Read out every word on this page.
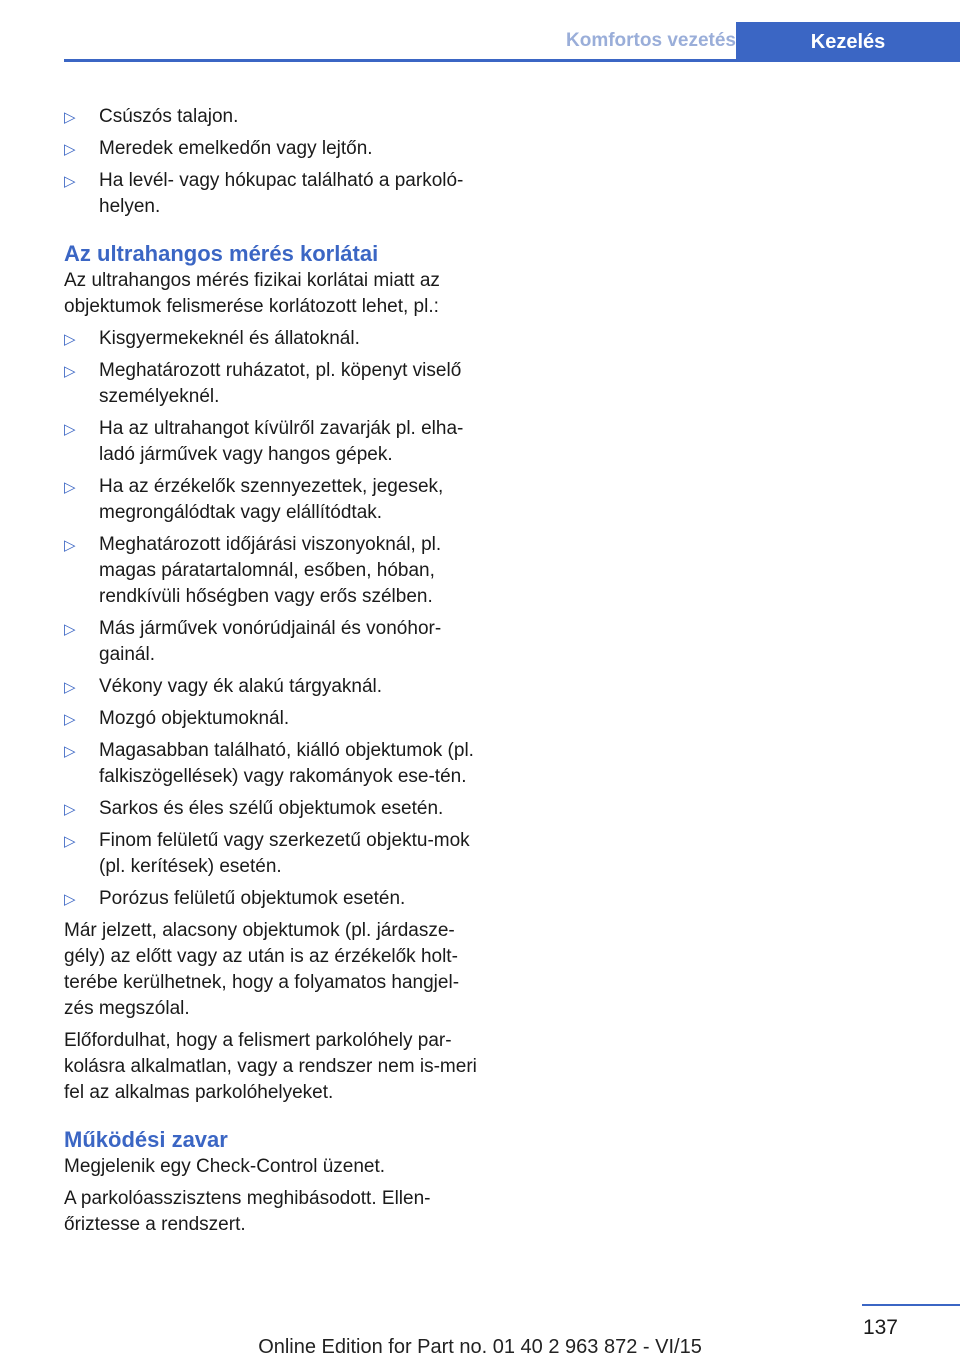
Komfortos vezetés	Kezelés
▷ Csúszós talajon.
▷ Meredek emelkedőn vagy lejtőn.
▷ Ha levél- vagy hókupac található a parkoló-helyen.
Az ultrahangos mérés korlátai

Az ultrahangos mérés fizikai korlátai miatt az objektumok felismerése korlátozott lehet, pl.:

▷ Kisgyermekeknél és állatoknál.
▷ Meghatározott ruházatot, pl. köpenyt viselő személyeknél.
▷ Ha az ultrahangot kívülről zavarják pl. elha-ladó járművek vagy hangos gépek.
▷ Ha az érzékelők szennyezettek, jegesek, megrongálódtak vagy elállítódtak.
▷ Meghatározott időjárási viszonyoknál, pl. magas páratartalomnál, esőben, hóban, rendkívüli hőségben vagy erős szélben.
▷ Más járművek vonórúdjainál és vonóhor-gainál.
▷ Vékony vagy ék alakú tárgyaknál.
▷ Mozgó objektumoknál.
▷ Magasabban található, kiálló objektumok (pl. falkiszögellések) vagy rakományok ese-tén.
▷ Sarkos és éles szélű objektumok esetén.
▷ Finom felületű vagy szerkezetű objektu-mok (pl. kerítések) esetén.
▷ Porózus felületű objektumok esetén.

Már jelzett, alacsony objektumok (pl. járdasze-gély) az előtt vagy az után is az érzékelők holt-terébe kerülhetnek, hogy a folyamatos hangjel-zés megszólal.

Előfordulhat, hogy a felismert parkolóhely par-kolásra alkalmatlan, vagy a rendszer nem is-meri fel az alkalmas parkolóhelyeket.

Működési zavar

Megjelenik egy Check-Control üzenet.

A parkolóasszisztens meghibásodott. Ellen-őriztesse a rendszert.

137
Online Edition for Part no. 01 40 2 963 872 - VI/15
